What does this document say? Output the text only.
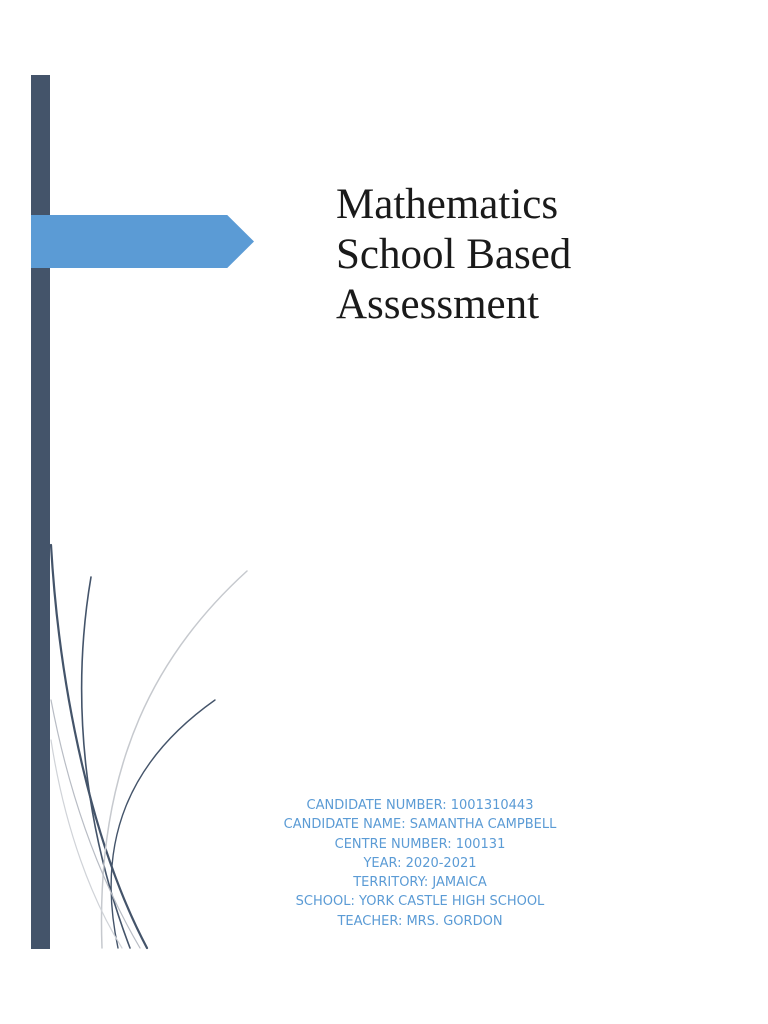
Mathematics
School Based
Assessment
CANDIDATE NUMBER: 1001310443
CANDIDATE NAME: SAMANTHA CAMPBELL
CENTRE NUMBER: 100131
YEAR: 2020-2021
TERRITORY: JAMAICA
SCHOOL: YORK CASTLE HIGH SCHOOL
TEACHER: MRS. GORDON
